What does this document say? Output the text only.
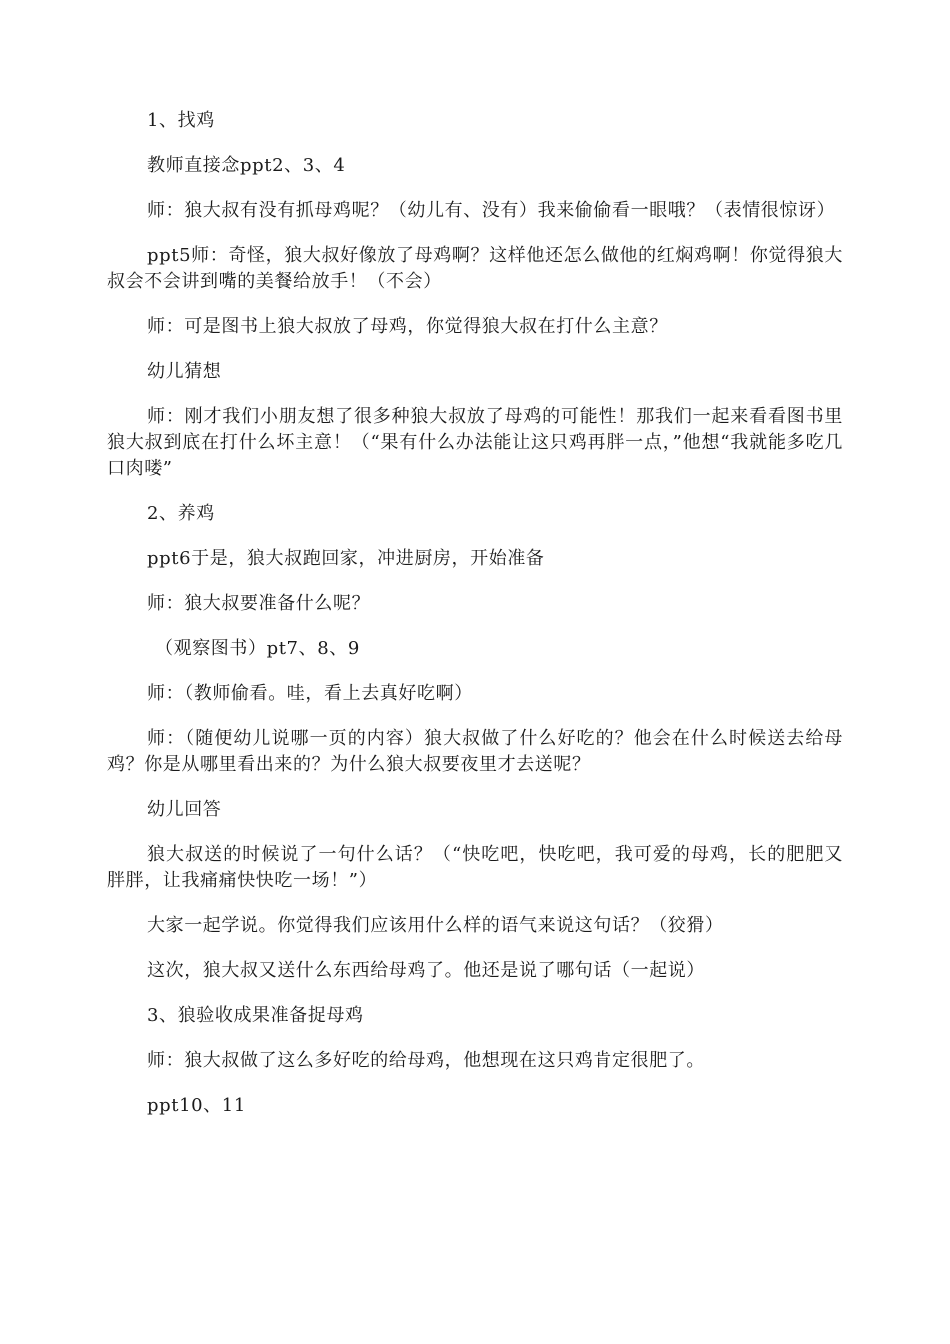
1、找鸡

教师直接念ppt2、3、4

师：狼大叔有没有抓母鸡呢？（幼儿有、没有）我来偷偷看一眼哦？（表情很惊讶）

ppt5师：奇怪，狼大叔好像放了母鸡啊？这样他还怎么做他的红焖鸡啊！你觉得狼大叔会不会讲到嘴的美餐给放手！（不会）

师：可是图书上狼大叔放了母鸡，你觉得狼大叔在打什么主意？

幼儿猜想

师：刚才我们小朋友想了很多种狼大叔放了母鸡的可能性！那我们一起来看看图书里狼大叔到底在打什么坏主意！（“果有什么办法能让这只鸡再胖一点，”他想“我就能多吃几口肉喽”

2、养鸡

ppt6于是，狼大叔跑回家，冲进厨房，开始准备

师：狼大叔要准备什么呢？

（观察图书）pt7、8、9

师：（教师偷看。哇，看上去真好吃啊）

师：（随便幼儿说哪一页的内容）狼大叔做了什么好吃的？他会在什么时候送去给母鸡？你是从哪里看出来的？为什么狼大叔要夜里才去送呢？

幼儿回答

狼大叔送的时候说了一句什么话？（“快吃吧，快吃吧，我可爱的母鸡，长的肥肥又胖胖，让我痛痛快快吃一场！”）

大家一起学说。你觉得我们应该用什么样的语气来说这句话？（狡猾）

这次，狼大叔又送什么东西给母鸡了。他还是说了哪句话（一起说）

3、狼验收成果准备捉母鸡

师：狼大叔做了这么多好吃的给母鸡，他想现在这只鸡肯定很肥了。

ppt10、11
